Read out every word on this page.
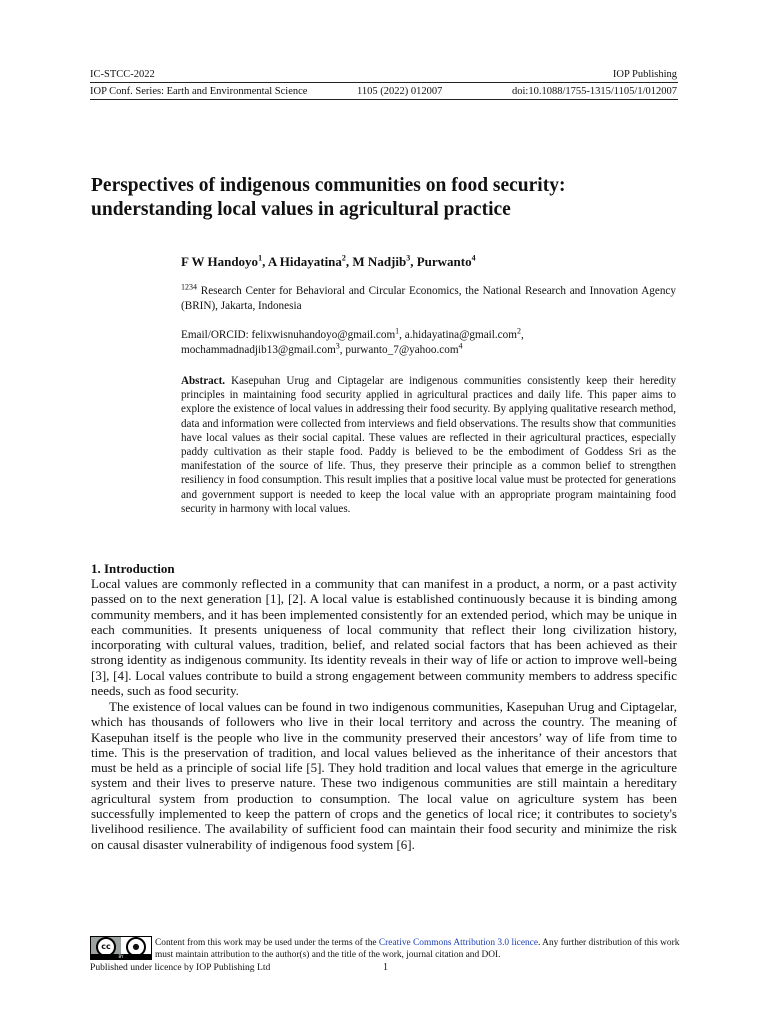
IC-STCC-2022	IOP Publishing
IOP Conf. Series: Earth and Environmental Science	1105 (2022) 012007	doi:10.1088/1755-1315/1105/1/012007
Perspectives of indigenous communities on food security:
understanding local values in agricultural practice
F W Handoyo$^1$, A Hidayatina$^2$, M Nadjib$^3$, Purwanto$^4$
$^{1234}$ Research Center for Behavioral and Circular Economics, the National Research and Innovation Agency (BRIN), Jakarta, Indonesia
Email/ORCID: felixwisnuhandoyo@gmail.com$^1$, a.hidayatina@gmail.com$^2$,
mochammadnadjib13@gmail.com$^3$, purwanto_7@yahoo.com$^4$
Abstract. Kasepuhan Urug and Ciptagelar are indigenous communities consistently keep their heredity principles in maintaining food security applied in agricultural practices and daily life. This paper aims to explore the existence of local values in addressing their food security. By applying qualitative research method, data and information were collected from interviews and field observations. The results show that communities have local values as their social capital. These values are reflected in their agricultural practices, especially paddy cultivation as their staple food. Paddy is believed to be the embodiment of Goddess Sri as the manifestation of the source of life. Thus, they preserve their principle as a common belief to strengthen resiliency in food consumption. This result implies that a positive local value must be protected for generations and government support is needed to keep the local value with an appropriate program maintaining food security in harmony with local values.
1. Introduction
Local values are commonly reflected in a community that can manifest in a product, a norm, or a past activity passed on to the next generation [1], [2]. A local value is established continuously because it is binding among community members, and it has been implemented consistently for an extended period, which may be unique in each communities. It presents uniqueness of local community that reflect their long civilization history, incorporating with cultural values, tradition, belief, and related social factors that has been achieved as their strong identity as indigenous community. Its identity reveals in their way of life or action to improve well-being [3], [4]. Local values contribute to build a strong engagement between community members to address specific needs, such as food security.
The existence of local values can be found in two indigenous communities, Kasepuhan Urug and Ciptagelar, which has thousands of followers who live in their local territory and across the country. The meaning of Kasepuhan itself is the people who live in the community preserved their ancestors’ way of life from time to time. This is the preservation of tradition, and local values believed as the inheritance of their ancestors that must be held as a principle of social life [5]. They hold tradition and local values that emerge in the agriculture system and their lives to preserve nature. These two indigenous communities are still maintain a hereditary agricultural system from production to consumption. The local value on agriculture system has been successfully implemented to keep the pattern of crops and the genetics of local rice; it contributes to society's livelihood resilience. The availability of sufficient food can maintain their food security and minimize the risk on causal disaster vulnerability of indigenous food system [6].
cc	●
BY
Content from this work may be used under the terms of the Creative Commons Attribution 3.0 licence. Any further distribution of this work must maintain attribution to the author(s) and the title of the work, journal citation and DOI.
Published under licence by IOP Publishing Ltd	1
